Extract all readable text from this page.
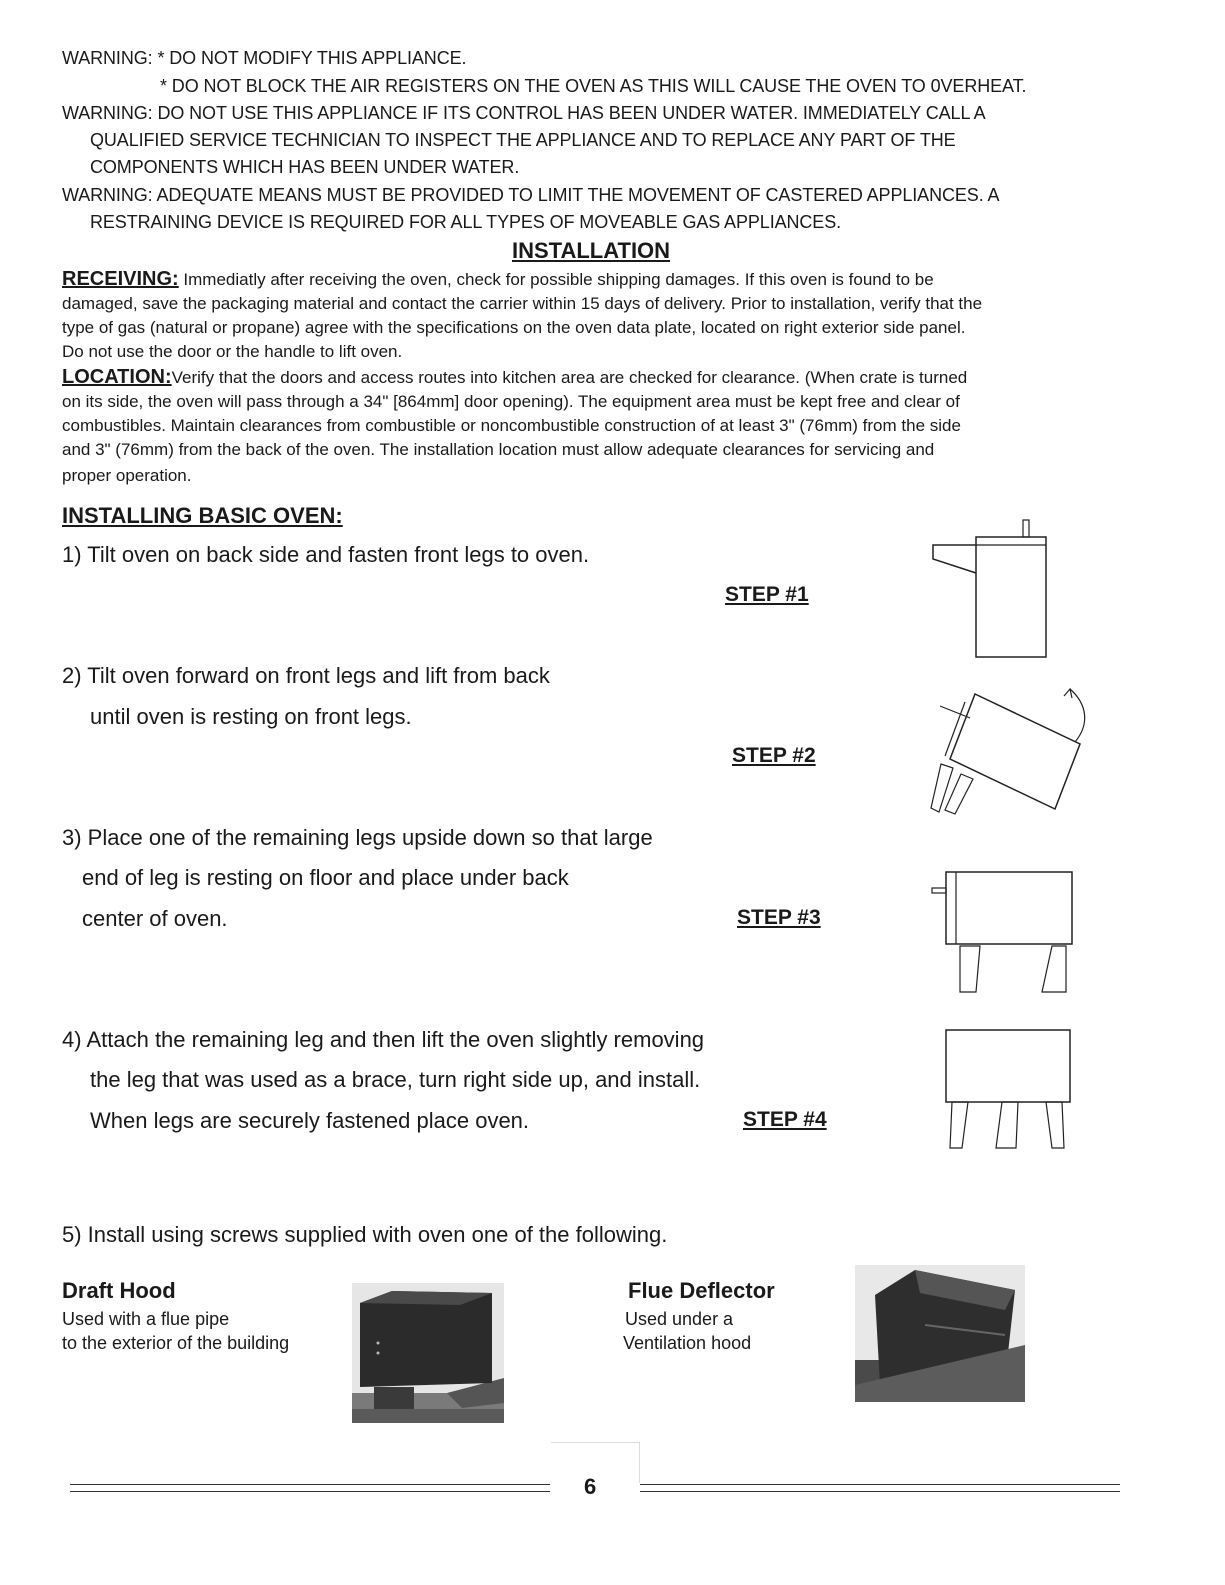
WARNING: * DO NOT MODIFY THIS APPLIANCE.
* DO NOT BLOCK THE AIR REGISTERS ON THE OVEN AS THIS WILL CAUSE THE OVEN TO 0VERHEAT.
WARNING: DO NOT USE THIS APPLIANCE IF ITS CONTROL HAS BEEN UNDER WATER. IMMEDIATELY CALL A
QUALIFIED SERVICE TECHNICIAN TO INSPECT THE APPLIANCE AND TO REPLACE ANY PART OF THE
COMPONENTS WHICH HAS BEEN UNDER WATER.
WARNING: ADEQUATE MEANS MUST BE PROVIDED TO LIMIT THE MOVEMENT OF CASTERED APPLIANCES. A
RESTRAINING DEVICE IS REQUIRED FOR ALL TYPES OF MOVEABLE GAS APPLIANCES.
INSTALLATION
RECEIVING: Immediatly after receiving the oven, check for possible shipping damages. If this oven is found to be
damaged, save the packaging material and contact the carrier within 15 days of delivery. Prior to installation, verify that the
type of gas (natural or propane) agree with the specifications on the oven data plate, located on right exterior side panel.
Do not use the door or the handle to lift oven.
LOCATION:Verify that the doors and access routes into kitchen area are checked for clearance. (When crate is turned
on its side, the oven will pass through a 34" [864mm] door opening). The equipment area must be kept free and clear of
combustibles. Maintain clearances from combustible or noncombustible construction of at least 3" (76mm) from the side
and 3" (76mm) from the back of the oven. The installation location must allow adequate clearances for servicing and
proper operation.
INSTALLING BASIC OVEN:
1) Tilt oven on back side and fasten front legs to oven.
STEP #1
2) Tilt oven forward on front legs and lift from back
until oven is resting on front legs.
STEP #2
3) Place one of the remaining legs upside down so that large
end of leg is resting on floor and place under back
center of oven.	STEP #3
4) Attach the remaining leg and then lift the oven slightly removing
the leg that was used as a brace, turn right side up, and install.
When legs are securely fastened place oven.	STEP #4
5) Install using screws supplied with oven one of the following.
Draft Hood
Used with a flue pipe
to the exterior of the building
Flue Deflector
Used under a
Ventilation hood
6
